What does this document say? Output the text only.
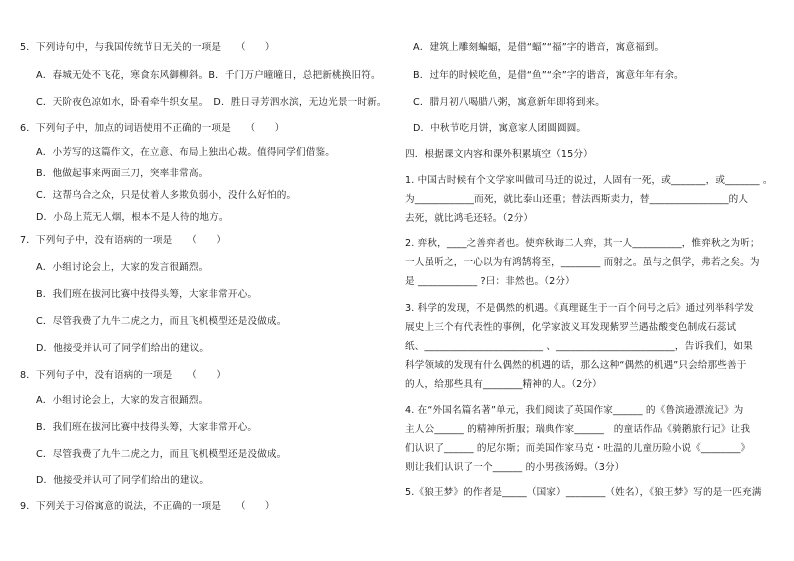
5．下列诗句中，与我国传统节日无关的一项是　　（　　）
A．春城无处不飞花，寒食东风御柳斜。B．千门万户曈曈日，总把新桃换旧符。
C．天阶夜色凉如水，卧看牵牛织女星。　D．胜日寻芳泗水滨，无边光景一时新。
6．下列句子中，加点的词语使用不正确的一项是　　（　　）
A．小芳写的这篇作文，在立意、布局上独出心裁。值得同学们借鉴。
B．他做起事来两面三刀，突率非常高。
C．这帮乌合之众，只是仗着人多欺负弱小，没什么好怕的。
D．小岛上荒无人烟，根本不是人待的地方。
7．下列句子中，没有语病的一项是　　（　　）
A．小组讨论会上，大家的发言很踊烈。
B．我们班在拔河比赛中技得头筹，大家非常开心。
C．尽管我费了九牛二虎之力，而且飞机模型还是没做成。
D．他接受并认可了同学们给出的建议。
8．下列句子中，没有语病的一项是　　（　　）
A．小组讨论会上，大家的发言很踊烈。
B．我们班在拔河比赛中技得头筹，大家非常开心。
C．尽管我费了九牛二虎之力，而且飞机模型还是没做成。
D．他接受并认可了同学们给出的建议。
9．下列关于习俗寓意的说法，不正确的一项是　　（　　）
A．建筑上雕刻蝙蝠，是借“蝠”“福”字的谐音，寓意福到。
B．过年的时候吃鱼，是借“鱼”“余”字的谐音，寓意年年有余。
C．腊月初八喝腊八粥，寓意新年即将到来。
D．中秋节吃月饼，寓意家人团圆圆圆。
四．根据课文内容和课外积累填空（15分）
1. 中国古时候有个文学家叫做司马迁的说过，人固有一死，或_______，或_______ 。
为____________而死，就比泰山还重；替法西斯卖力，替________________的人
去死，就比鸿毛还轻。（2分）
2. 弈秋，____之善弈者也。使弈秋诲二人弈，其一人__________，惟弈秋之为听；
一人虽听之，一心以为有鸿鹄将至，________ 而射之。虽与之俱学，弗若之矣。为
是 ____________ ?曰：非然也。（2分）
3. 科学的发现，不是偶然的机遇。《真理诞生于一百个问号之后》通过列举科学发
展史上三个有代表性的事例，化学家波义耳发现紫罗兰遇盐酸变色制成石蕊试
纸、________________________ 、________________________，告诉我们，如果
科学领域的发现有什么偶然的机遇的话，那么这种“偶然的机遇”只会给那些善于
的人，给那些具有________精神的人。（2分）
4. 在“外国名篇名著”单元，我们阅读了英国作家______ 的《鲁滨逊漂流记》为
主人公______ 的精神所折服；瑞典作家______　的童话作品《骑鹅旅行记》让我
们认识了______ 的尼尔斯；而美国作家马克・吐温的儿童历险小说《________》
则让我们认识了一个______ 的小男孩汤姆。（3分）
5.《狼王梦》的作者是_____（国家）________（姓名），《狼王梦》写的是一匹充满
